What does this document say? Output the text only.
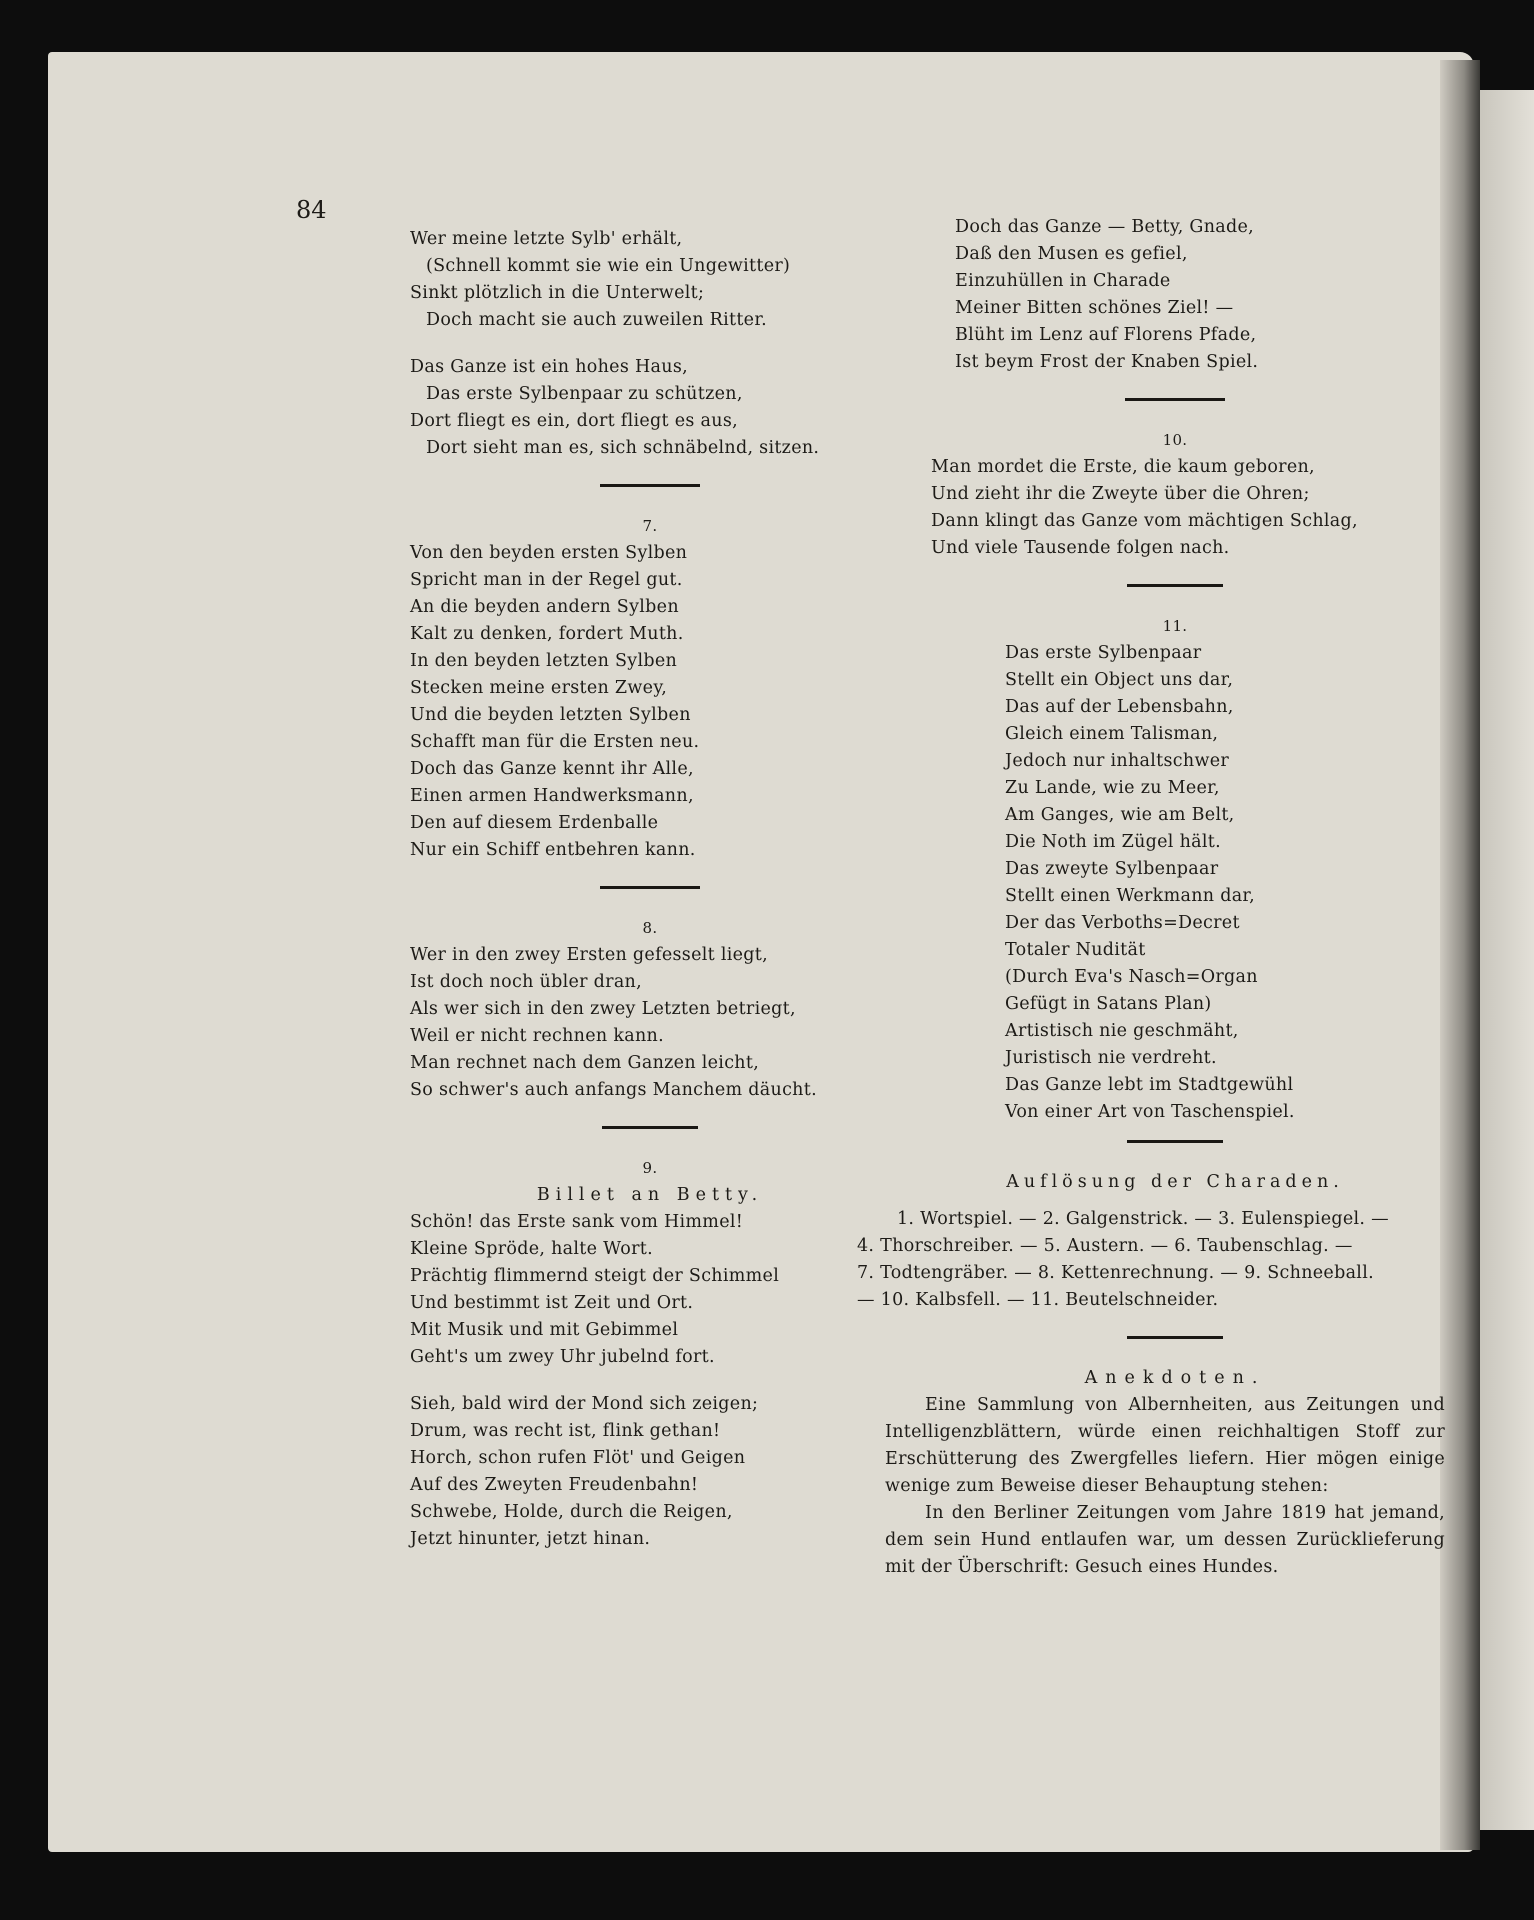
84

Wer meine letzte Sylb' erhält,

(Schnell kommt sie wie ein Ungewitter)

Sinkt plötzlich in die Unterwelt;

Doch macht sie auch zuweilen Ritter.

Das Ganze ist ein hohes Haus,

Das erste Sylbenpaar zu schützen,

Dort fliegt es ein, dort fliegt es aus,

Dort sieht man es, sich schnäbelnd, sitzen.

7.

Von den beyden ersten Sylben

Spricht man in der Regel gut.

An die beyden andern Sylben

Kalt zu denken, fordert Muth.

In den beyden letzten Sylben

Stecken meine ersten Zwey,

Und die beyden letzten Sylben

Schafft man für die Ersten neu.

Doch das Ganze kennt ihr Alle,

Einen armen Handwerksmann,

Den auf diesem Erdenballe

Nur ein Schiff entbehren kann.

8.

Wer in den zwey Ersten gefesselt liegt,

Ist doch noch übler dran,

Als wer sich in den zwey Letzten betriegt,

Weil er nicht rechnen kann.

Man rechnet nach dem Ganzen leicht,

So schwer's auch anfangs Manchem däucht.

9.

Billet an Betty.

Schön! das Erste sank vom Himmel!

Kleine Spröde, halte Wort.

Prächtig flimmernd steigt der Schimmel

Und bestimmt ist Zeit und Ort.

Mit Musik und mit Gebimmel

Geht's um zwey Uhr jubelnd fort.

Sieh, bald wird der Mond sich zeigen;

Drum, was recht ist, flink gethan!

Horch, schon rufen Flöt' und Geigen

Auf des Zweyten Freudenbahn!

Schwebe, Holde, durch die Reigen,

Jetzt hinunter, jetzt hinan.

Doch das Ganze — Betty, Gnade,

Daß den Musen es gefiel,

Einzuhüllen in Charade

Meiner Bitten schönes Ziel! —

Blüht im Lenz auf Florens Pfade,

Ist beym Frost der Knaben Spiel.

10.

Man mordet die Erste, die kaum geboren,

Und zieht ihr die Zweyte über die Ohren;

Dann klingt das Ganze vom mächtigen Schlag,

Und viele Tausende folgen nach.

11.

Das erste Sylbenpaar

Stellt ein Object uns dar,

Das auf der Lebensbahn,

Gleich einem Talisman,

Jedoch nur inhaltschwer

Zu Lande, wie zu Meer,

Am Ganges, wie am Belt,

Die Noth im Zügel hält.

Das zweyte Sylbenpaar

Stellt einen Werkmann dar,

Der das Verboths=Decret

Totaler Nudität

(Durch Eva's Nasch=Organ

Gefügt in Satans Plan)

Artistisch nie geschmäht,

Juristisch nie verdreht.

Das Ganze lebt im Stadtgewühl

Von einer Art von Taschenspiel.

Auflösung der Charaden.

1. Wortspiel. — 2. Galgenstrick. — 3. Eulenspiegel. —

4. Thorschreiber. — 5. Austern. — 6. Taubenschlag. —

7. Todtengräber. — 8. Kettenrechnung. — 9. Schneeball.

— 10. Kalbsfell. — 11. Beutelschneider.

Anekdoten.

Eine Sammlung von Albernheiten, aus Zeitungen und Intelligenzblättern, würde einen reichhaltigen Stoff zur Erschütterung des Zwergfelles liefern. Hier mögen einige wenige zum Beweise dieser Behauptung stehen:

In den Berliner Zeitungen vom Jahre 1819 hat jemand, dem sein Hund entlaufen war, um dessen Zurücklieferung mit der Überschrift: Gesuch eines Hundes.
